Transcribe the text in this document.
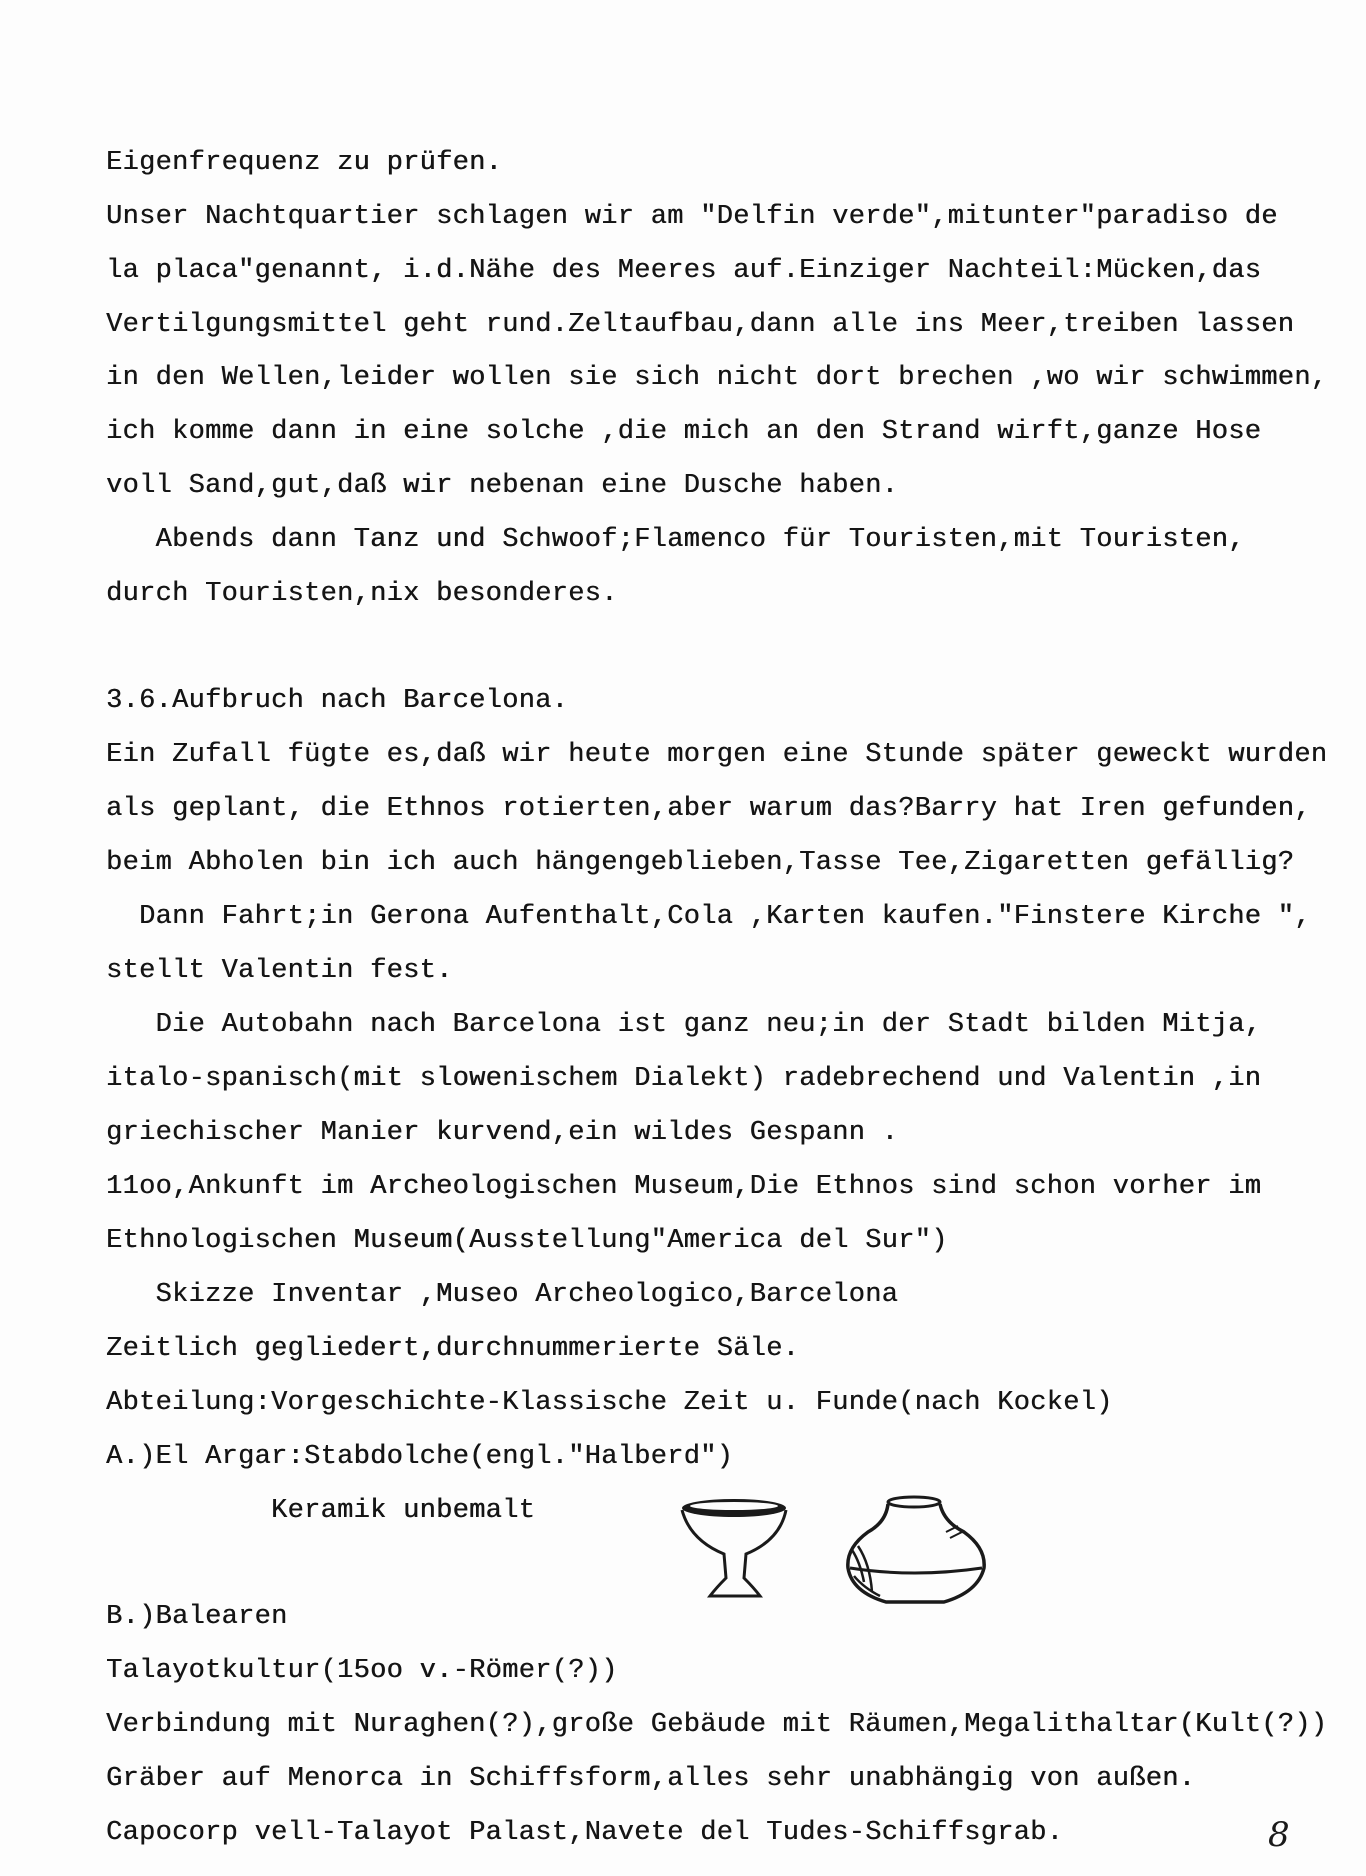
Eigenfrequenz zu prüfen.
Unser Nachtquartier schlagen wir am "Delfin verde",mitunter"paradiso de
la placa"genannt, i.d.Nähe des Meeres auf.Einziger Nachteil:Mücken,das
Vertilgungsmittel geht rund.Zeltaufbau,dann alle ins Meer,treiben lassen
in den Wellen,leider wollen sie sich nicht dort brechen ,wo wir schwimmen,
ich komme dann in eine solche ,die mich an den Strand wirft,ganze Hose
voll Sand,gut,daß wir nebenan eine Dusche haben.
Abends dann Tanz und Schwoof;Flamenco für Touristen,mit Touristen,
durch Touristen,nix besonderes.
3.6.Aufbruch nach Barcelona.
Ein Zufall fügte es,daß wir heute morgen eine Stunde später geweckt wurden
als geplant, die Ethnos rotierten,aber warum das?Barry hat Iren gefunden,
beim Abholen bin ich auch hängengeblieben,Tasse Tee,Zigaretten gefällig?
Dann Fahrt;in Gerona Aufenthalt,Cola ,Karten kaufen."Finstere Kirche ",
stellt Valentin fest.
Die Autobahn nach Barcelona ist ganz neu;in der Stadt bilden Mitja,
italo-spanisch(mit slowenischem Dialekt) radebrechend und Valentin ,in
griechischer Manier kurvend,ein wildes Gespann .
11oo,Ankunft im Archeologischen Museum,Die Ethnos sind schon vorher im
Ethnologischen Museum(Ausstellung"America del Sur")
Skizze Inventar ,Museo Archeologico,Barcelona
Zeitlich gegliedert,durchnummerierte Säle.
Abteilung:Vorgeschichte-Klassische Zeit u. Funde(nach Kockel)
A.)El Argar:Stabdolche(engl."Halberd")
Keramik unbemalt
B.)Balearen
Talayotkultur(15oo v.-Römer(?))
Verbindung mit Nuraghen(?),große Gebäude mit Räumen,Megalithaltar(Kult(?))
Gräber auf Menorca in Schiffsform,alles sehr unabhängig von außen.
Capocorp vell-Talayot Palast,Navete del Tudes-Schiffsgrab.	8
